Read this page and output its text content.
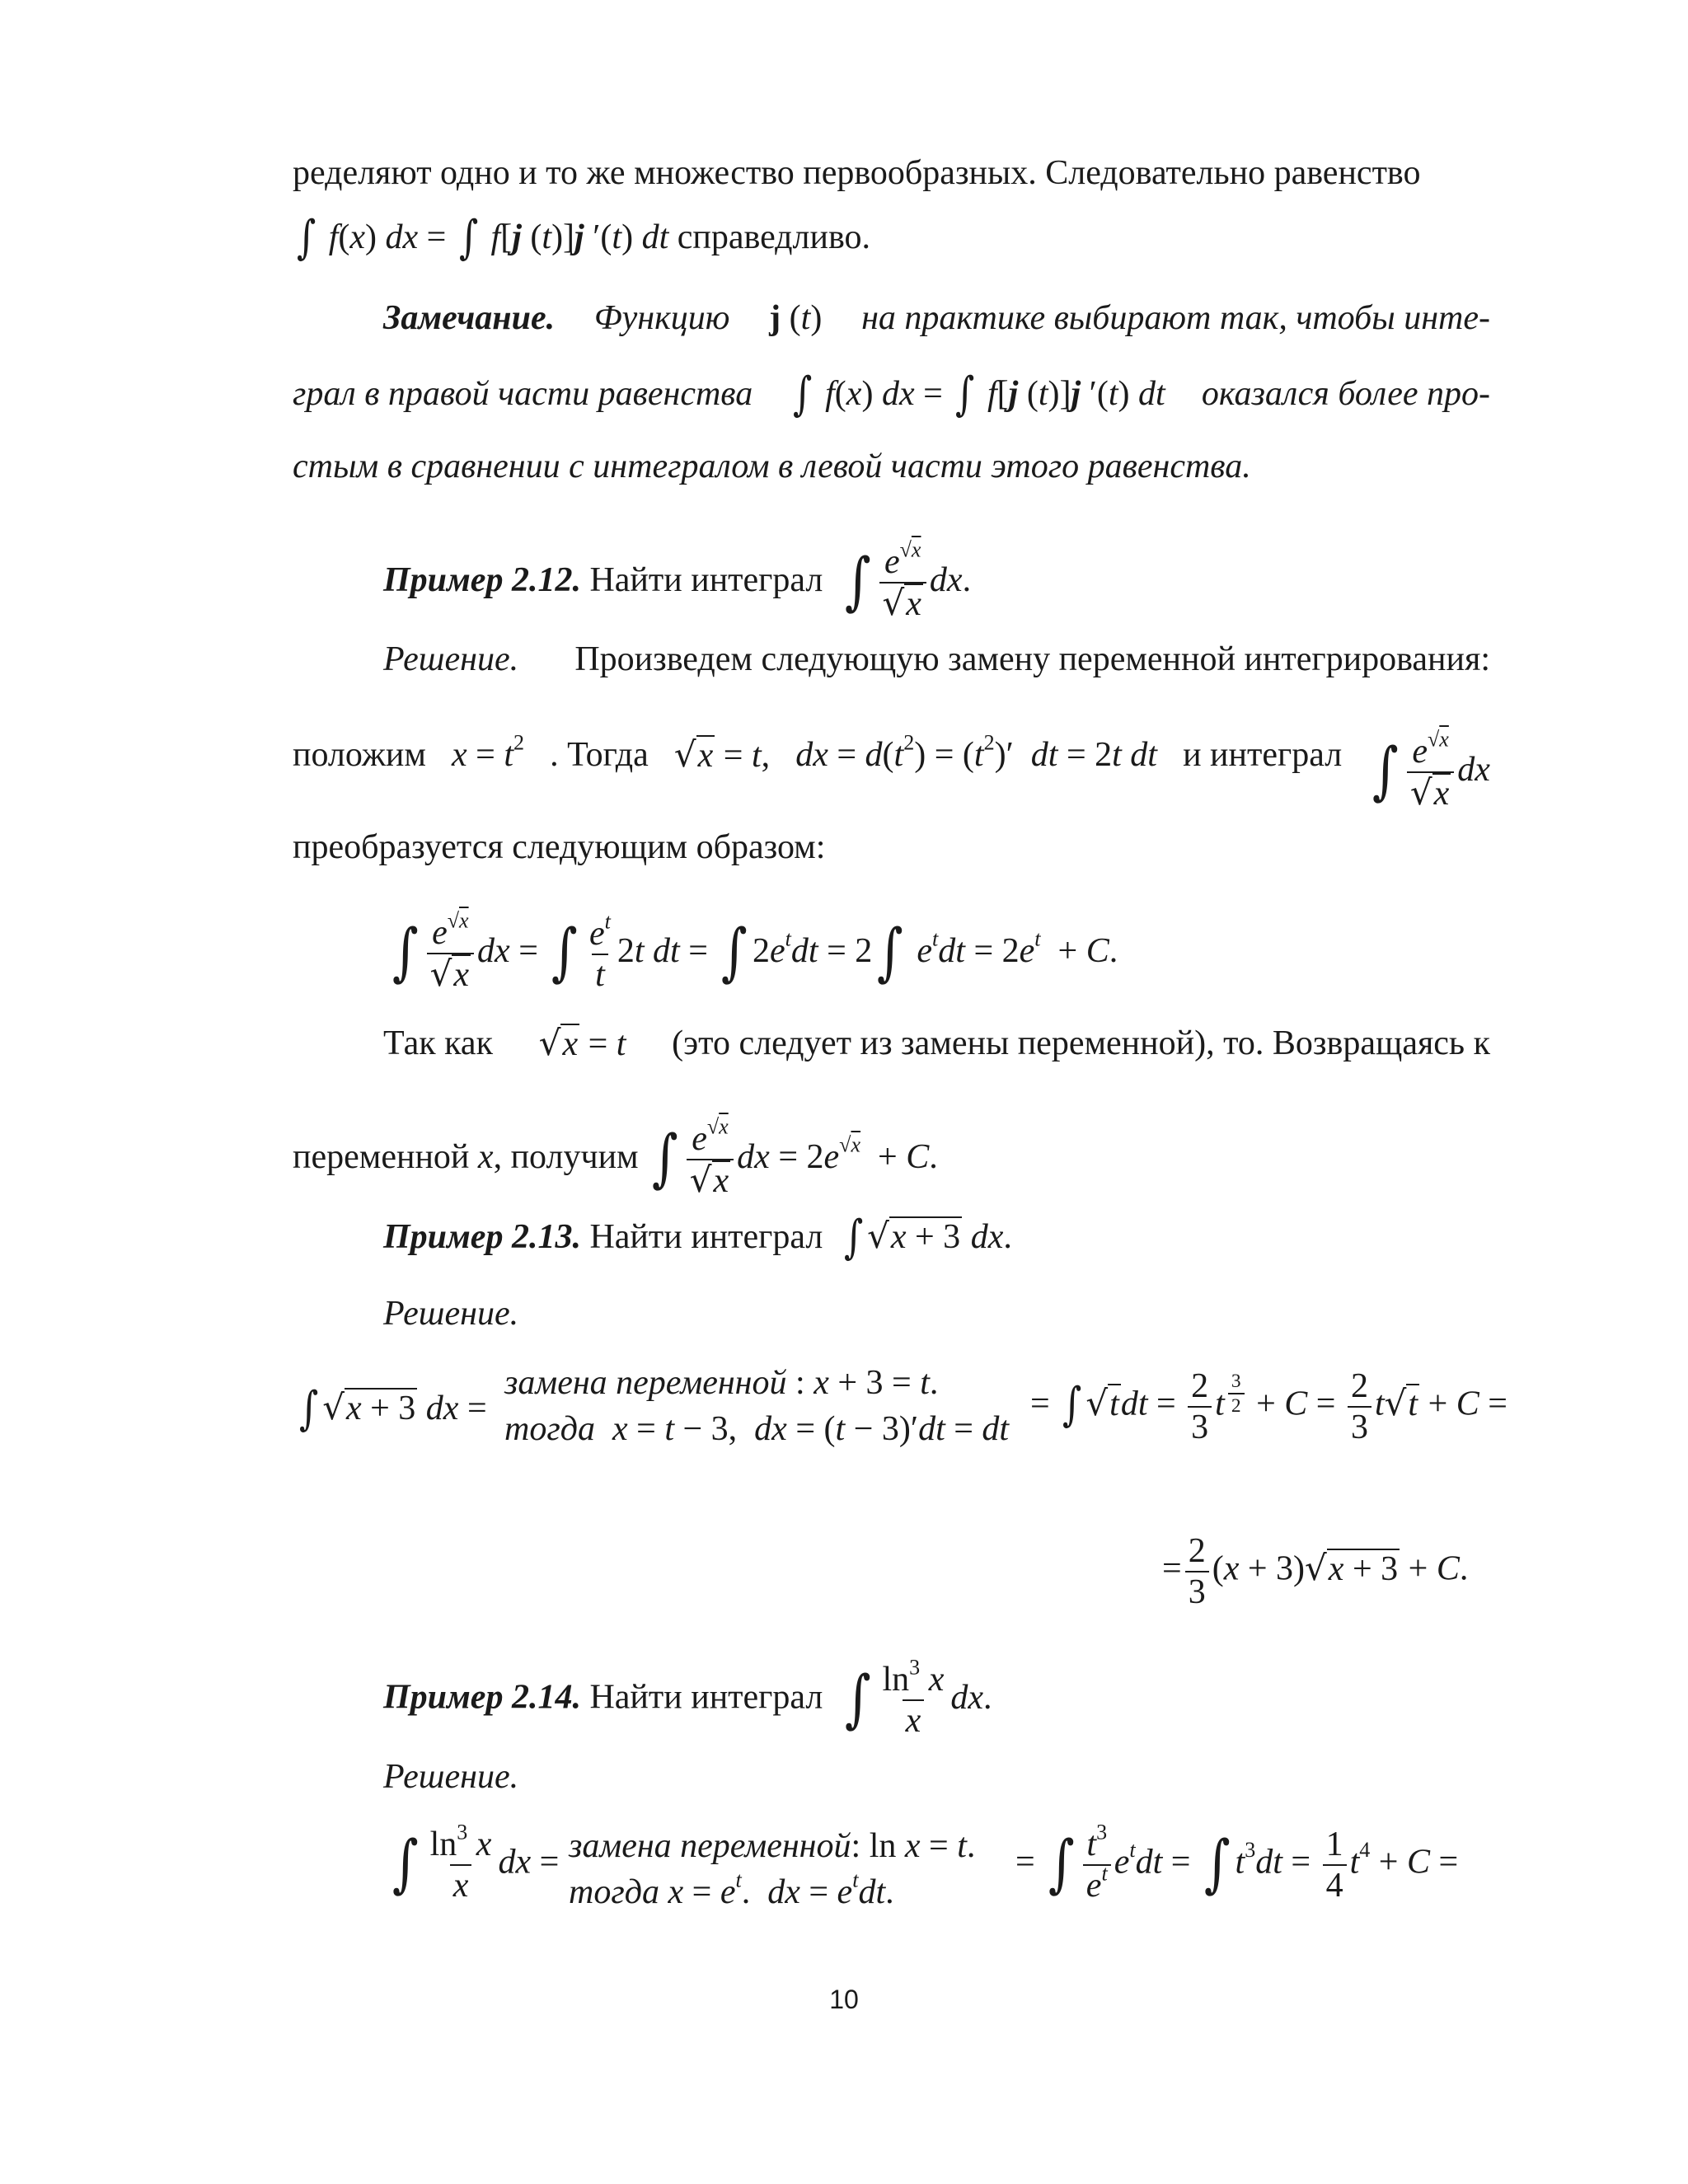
ределяют одно и то же множество первообразных. Следовательно равенство
∫ f(x) dx = ∫ f[j (t)]j ′(t) dt справедливо.
Замечание. Функцию j (t) на практике выбирают так, чтобы инте-
грал в правой части равенства ∫ f(x) dx = ∫ f[j (t)]j ′(t) dt оказался более про-
стым в сравнении с интегралом в левой части этого равенства.
Пример 2.12. Найти интеграл ∫ $\frac{e^{√x}}{√x}$ dx.
Решение. Произведем следующую замену переменной интегрирования:
положим $x = t^2$ . Тогда √x = t, dx = $d(t^2) = (t^2)'$  dt = 2t dt и интеграл ∫ $\frac{e^{√x}}{√x}$ dx
преобразуется следующим образом:
∫ $\frac{e^{√x}}{√x}$ dx = ∫ $\frac{e^t}{t} 2t$ dt = ∫ $2e^tdt = 2\int$ $e^tdt = 2e^t + C$.
Так как √x = t (это следует из замены переменной), то. Возвращаясь к
переменной x, получим ∫ $\frac{e^{√x}}{√x}$ dx = $2e^{√x} + C$.
Пример 2.13. Найти интеграл ∫ √x + 3 dx.
Решение.
∫ √x + 3 dx =
замена переменной : x + 3 = t.
тогда  x = t − 3,  dx = (t − 3)′dt = dt
= ∫ $√tdt = \frac{2}{3}$ t $^{\frac{3}{2}} + C = \frac{2}{3} t√t + C$ =
= $\frac{2}{3} (x + 3)√x + 3 + C$.
Пример 2.14. Найти интеграл ∫ $\frac{\ln^3 x}{x}$ dx.
Решение.
∫ $\frac{\ln^3 x}{x}$ dx = замена переменной: ln x = t.
тогда $x = e^t$.  dx = $e^tdt$.
= ∫ $\frac{t^3}{e^t} e^tdt$ = ∫ $t^3dt = \frac{1}{4} t^4 + C$ =
10
